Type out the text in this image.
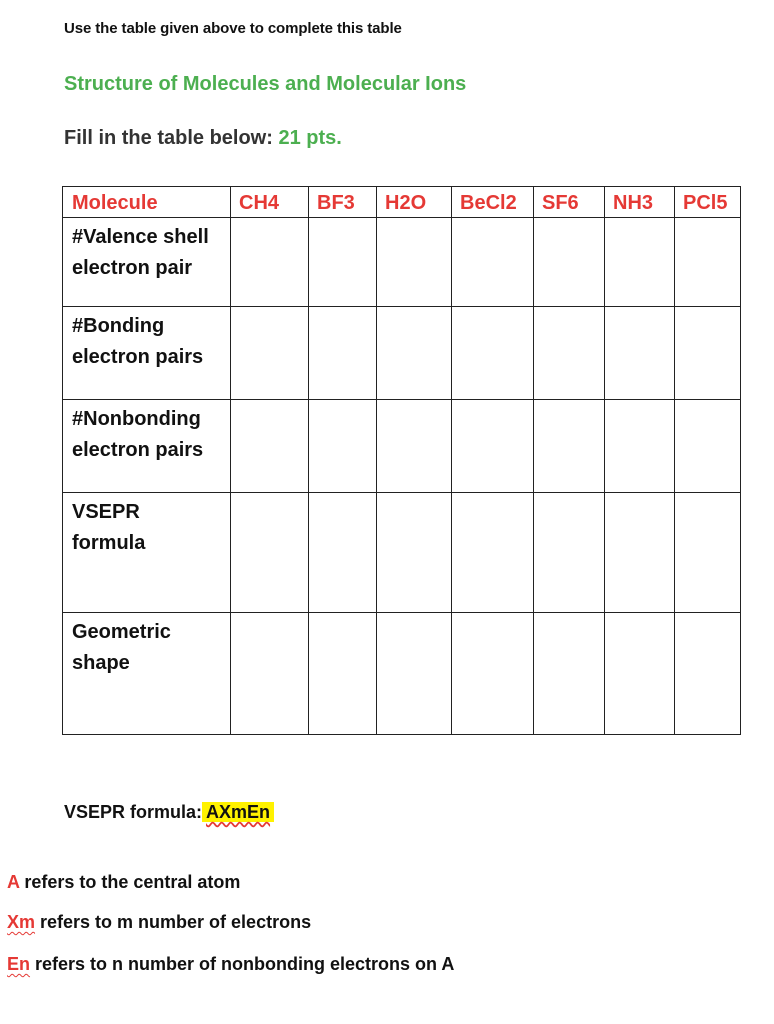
Use the table given above to complete this table
Structure of Molecules and Molecular Ions
Fill in the table below: 21 pts.
Molecule	CH4	BF3	H2O	BeCl2	SF6	NH3	PCl5

#Valence shell
electron pair							

#Bonding
electron pairs							

#Nonbonding
electron pairs							

VSEPR
formula							

Geometric
shape							

VSEPR formula: AXmEn
A refers to the central atom
Xm refers to m number of electrons
En refers to n number of nonbonding electrons on A
